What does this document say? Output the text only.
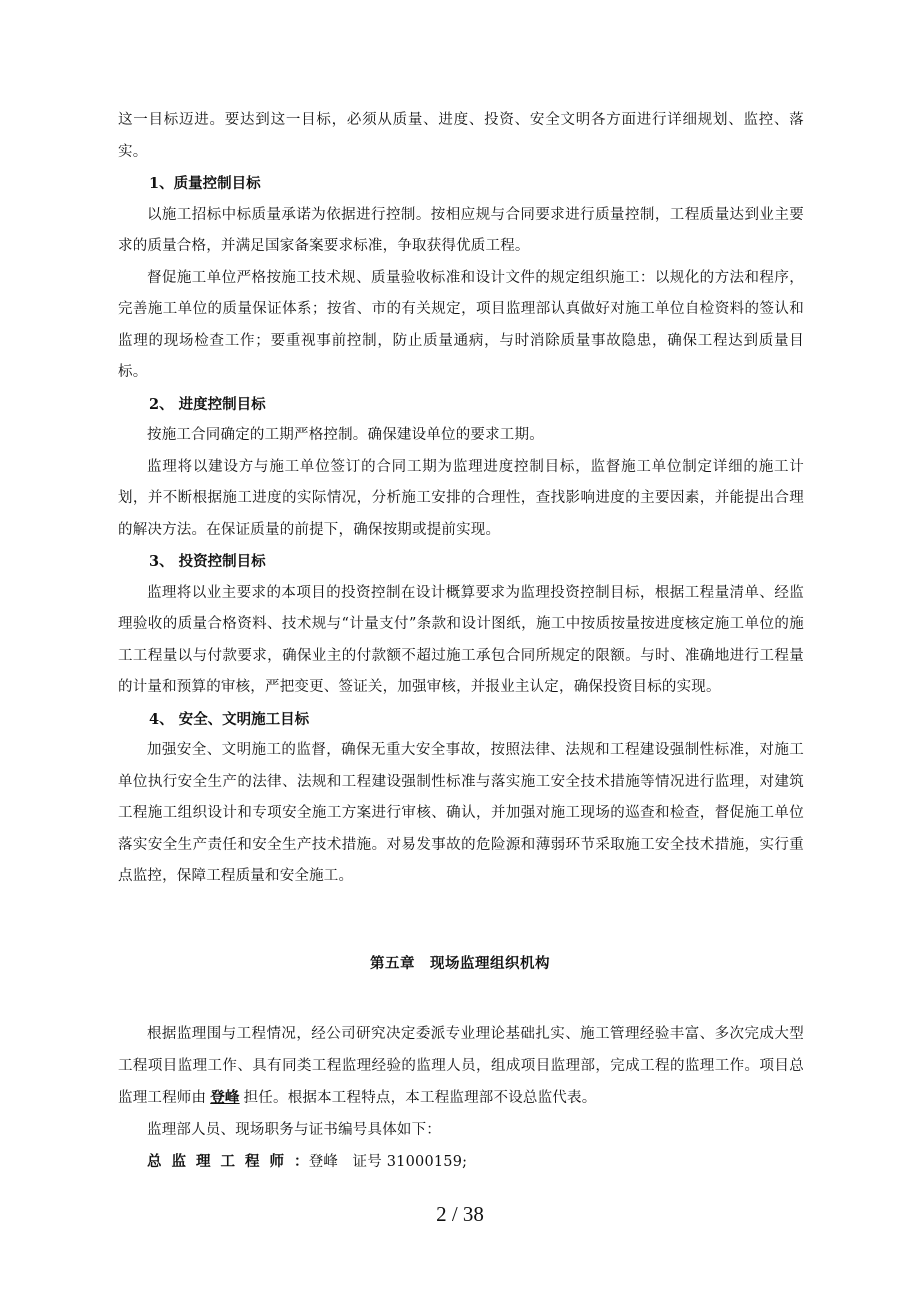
这一目标迈进。要达到这一目标，必须从质量、进度、投资、安全文明各方面进行详细规划、监控、落实。

1、质量控制目标

以施工招标中标质量承诺为依据进行控制。按相应规与合同要求进行质量控制，工程质量达到业主要求的质量合格，并满足国家备案要求标准，争取获得优质工程。

督促施工单位严格按施工技术规、质量验收标准和设计文件的规定组织施工：以规化的方法和程序，完善施工单位的质量保证体系；按省、市的有关规定，项目监理部认真做好对施工单位自检资料的签认和监理的现场检查工作；要重视事前控制，防止质量通病，与时消除质量事故隐患，确保工程达到质量目标。

2、 进度控制目标

按施工合同确定的工期严格控制。确保建设单位的要求工期。

监理将以建设方与施工单位签订的合同工期为监理进度控制目标，监督施工单位制定详细的施工计划，并不断根据施工进度的实际情况，分析施工安排的合理性，查找影响进度的主要因素，并能提出合理的解决方法。在保证质量的前提下，确保按期或提前实现。

3、 投资控制目标

监理将以业主要求的本项目的投资控制在设计概算要求为监理投资控制目标，根据工程量清单、经监理验收的质量合格资料、技术规与“计量支付”条款和设计图纸，施工中按质按量按进度核定施工单位的施工工程量以与付款要求，确保业主的付款额不超过施工承包合同所规定的限额。与时、准确地进行工程量的计量和预算的审核，严把变更、签证关，加强审核，并报业主认定，确保投资目标的实现。

4、 安全、文明施工目标

加强安全、文明施工的监督，确保无重大安全事故，按照法律、法规和工程建设强制性标准，对施工单位执行安全生产的法律、法规和工程建设强制性标准与落实施工安全技术措施等情况进行监理，对建筑工程施工组织设计和专项安全施工方案进行审核、确认，并加强对施工现场的巡查和检查，督促施工单位落实安全生产责任和安全生产技术措施。对易发事故的危险源和薄弱环节采取施工安全技术措施，实行重点监控，保障工程质量和安全施工。

第五章　现场监理组织机构

根据监理围与工程情况，经公司研究决定委派专业理论基础扎实、施工管理经验丰富、多次完成大型工程项目监理工作、具有同类工程监理经验的监理人员，组成项目监理部，完成工程的监理工作。项目总监理工程师由 登峰 担任。根据本工程特点，本工程监理部不设总监代表。

监理部人员、现场职务与证书编号具体如下：

总监理工程师：登峰 证号 31000159;

2 / 38
